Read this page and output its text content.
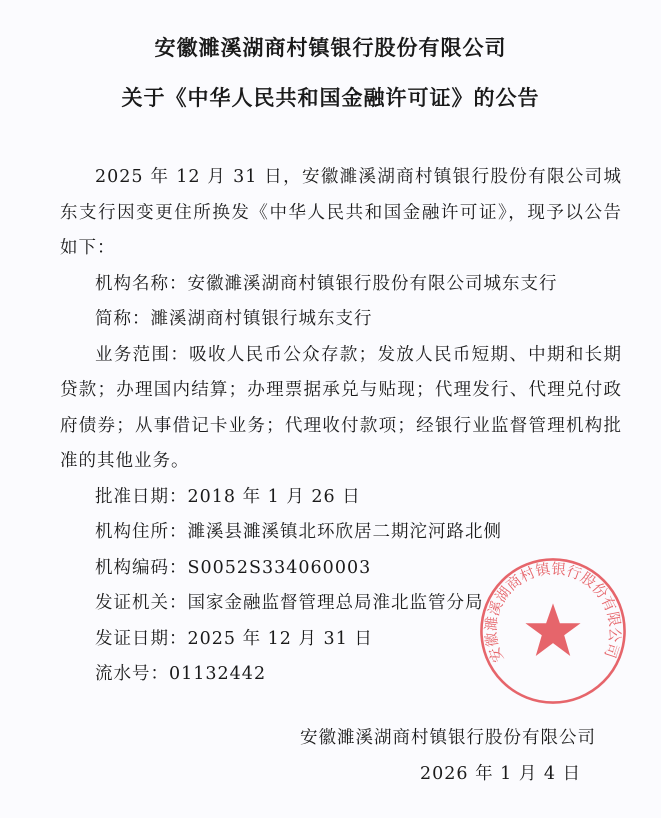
安徽濉溪湖商村镇银行股份有限公司
关于《中华人民共和国金融许可证》的公告

2025 年 12 月 31 日，安徽濉溪湖商村镇银行股份有限公司城东支行因变更住所换发《中华人民共和国金融许可证》，现予以公告如下：

机构名称：安徽濉溪湖商村镇银行股份有限公司城东支行

简称：濉溪湖商村镇银行城东支行

业务范围：吸收人民币公众存款；发放人民币短期、中期和长期贷款；办理国内结算；办理票据承兑与贴现；代理发行、代理兑付政府债券；从事借记卡业务；代理收付款项；经银行业监督管理机构批准的其他业务。

批准日期：2018 年 1 月 26 日

机构住所：濉溪县濉溪镇北环欣居二期沱河路北侧

机构编码：S0052S334060003

发证机关：国家金融监督管理总局淮北监管分局

发证日期：2025 年 12 月 31 日

流水号：01132442

安徽濉溪湖商村镇银行股份有限公司
安徽濉溪湖商村镇银行股份有限公司
2026 年 1 月 4 日
